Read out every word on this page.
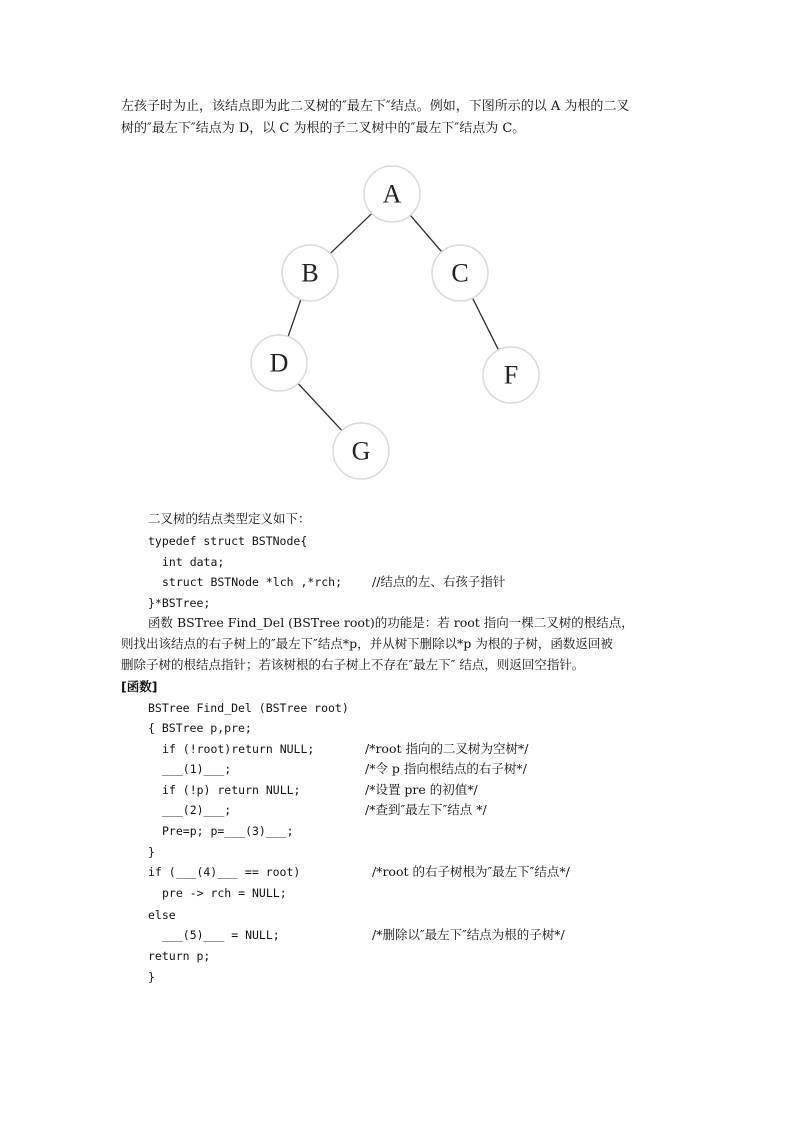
左孩子时为止，该结点即为此二叉树的″最左下″结点。例如，下图所示的以 A 为根的二叉

树的″最左下″结点为 D，以 C 为根的子二叉树中的″最左下″结点为 C。

A
B	C
D	F
G
二叉树的结点类型定义如下：
typedef struct BSTNode{
int data;
struct BSTNode *lch ,*rch; //结点的左、右孩子指针
}*BSTree;
函数 BSTree Find_Del (BSTree root)的功能是：若 root 指向一棵二叉树的根结点，
则找出该结点的右子树上的″最左下″结点*p，并从树下删除以*p 为根的子树，函数返回被
删除子树的根结点指针；若该树根的右子树上不存在″最左下″ 结点，则返回空指针。
[函数]
BSTree Find_Del (BSTree root)
{ BSTree p,pre;
if (!root)return NULL;	/*root 指向的二叉树为空树*/
___(1)___;	/*令 p 指向根结点的右子树*/
if (!p) return NULL;	/*设置 pre 的初值*/
___(2)___;	/*查到″最左下″结点 */
Pre=p; p=___(3)___;
}
if (___(4)___ == root)	/*root 的右子树根为″最左下″结点*/
pre -> rch = NULL;
else
___(5)___ = NULL;	/*删除以″最左下″结点为根的子树*/
return p;
}
